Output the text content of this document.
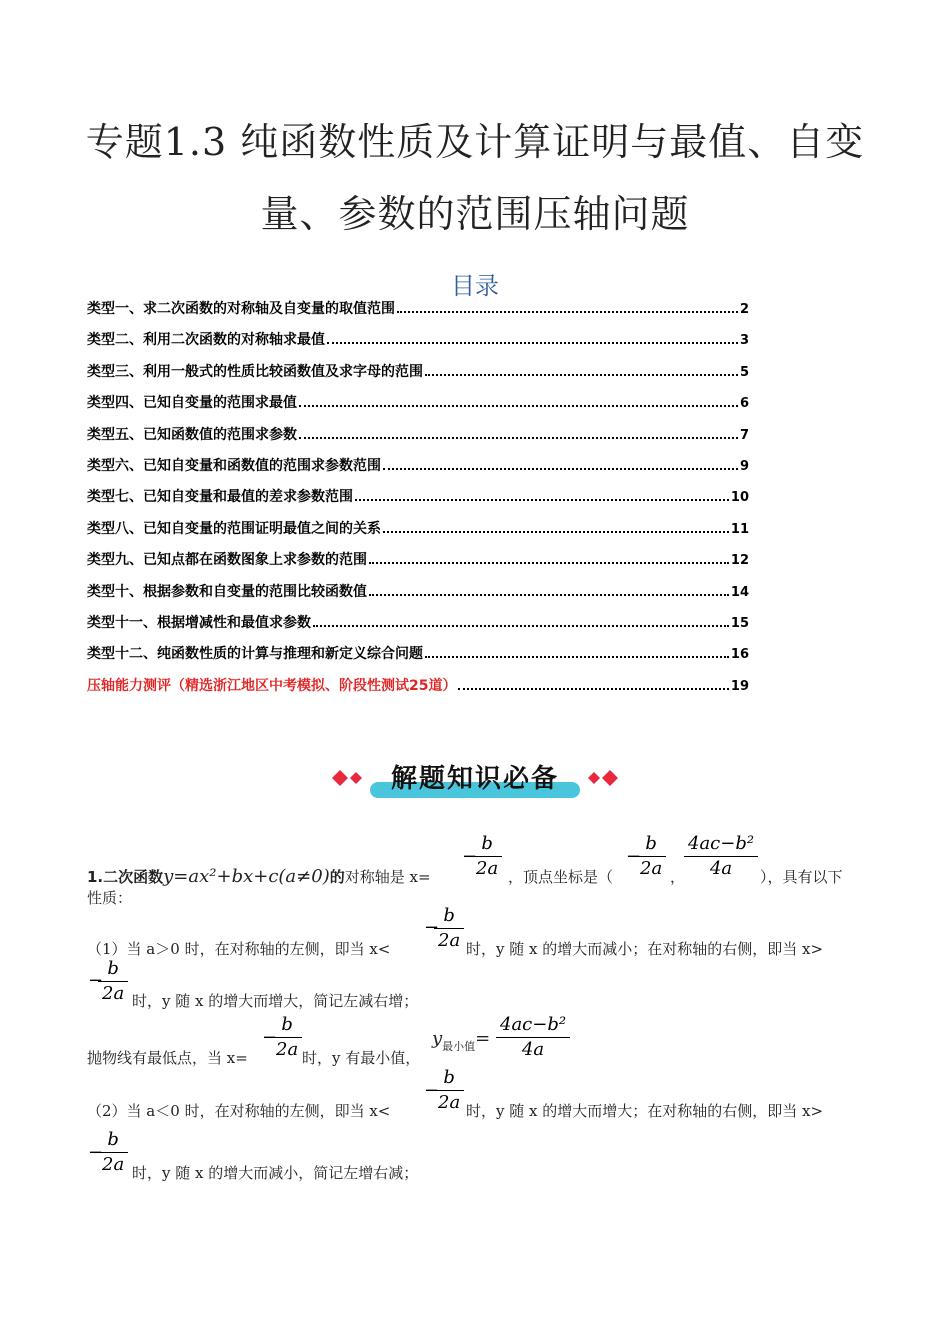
专题1.3 纯函数性质及计算证明与最值、自变
量、参数的范围压轴问题
目录
类型一、求二次函数的对称轴及自变量的取值范围	2
类型二、利用二次函数的对称轴求最值	3
类型三、利用一般式的性质比较函数值及求字母的范围	5
类型四、已知自变量的范围求最值	6
类型五、已知函数值的范围求参数	7
类型六、已知自变量和函数值的范围求参数范围	9
类型七、已知自变量和最值的差求参数范围	10
类型八、已知自变量的范围证明最值之间的关系	11
类型九、已知点都在函数图象上求参数的范围	12
类型十、根据参数和自变量的范围比较函数值	14
类型十一、根据增减性和最值求参数	15
类型十二、纯函数性质的计算与推理和新定义综合问题	16
压轴能力测评（精选浙江地区中考模拟、阶段性测试25道）	19
解题知识必备
1.二次函数y=ax²+bx+c(a≠0)的对称轴是 x=
−
$\frac{b}{2a}$ ，顶点坐标是（
−
$\frac{b}{2a}$ ，
$\frac{\text{4ac−b²}}{4a}$ ），具有以下
性质：
−
$\frac{b}{2a}$
（1）当 a＞0 时，在对称轴的左侧，即当 x<	时，y 随 x 的增大而减小；在对称轴的右侧，即当 x>
−
$\frac{b}{2a}$ 时，y 随 x 的增大而增大，简记左减右增；
−
$\frac{b}{2a}$
抛物线有最低点，当 x=	时，y 有最小值，
$y_{最小值}= \frac{\text{4ac−b²}}{4a}$
−
$\frac{b}{2a}$
（2）当 a＜0 时，在对称轴的左侧，即当 x<	时，y 随 x 的增大而增大；在对称轴的右侧，即当 x>
−
$\frac{b}{2a}$ 时，y 随 x 的增大而减小，简记左增右减；
